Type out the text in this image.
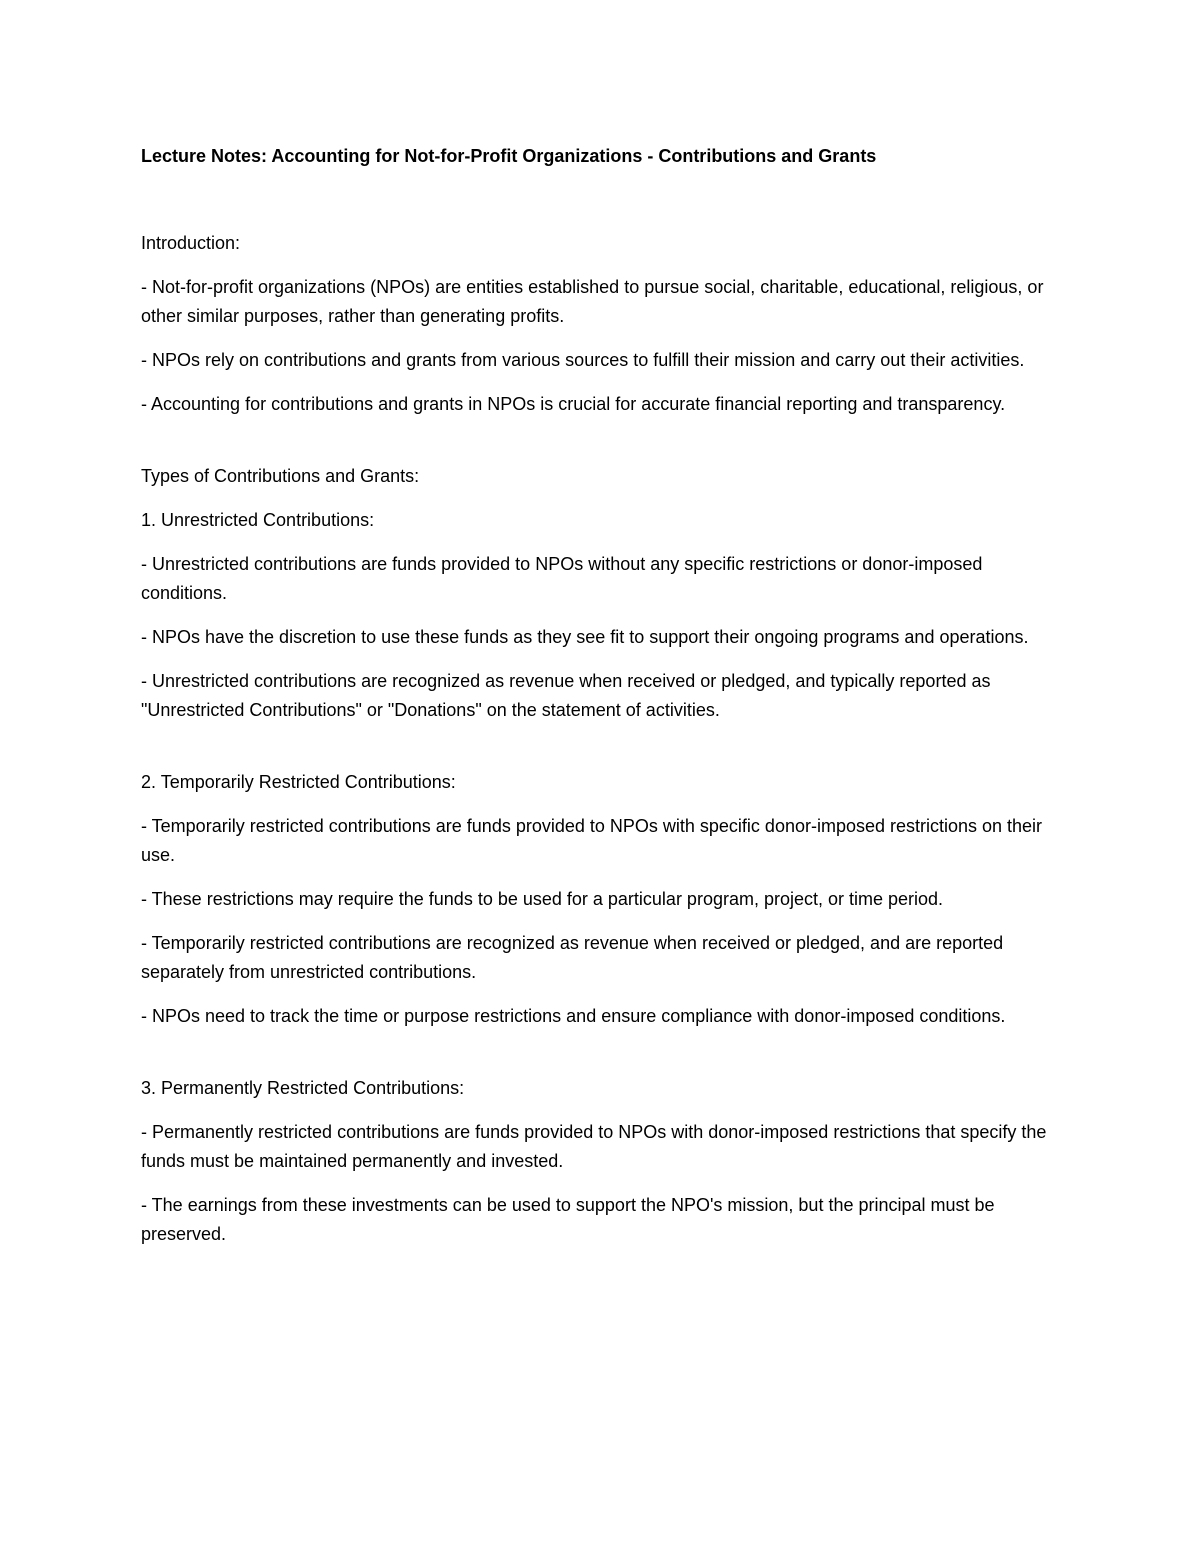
Lecture Notes: Accounting for Not-for-Profit Organizations - Contributions and Grants

Introduction:

- Not-for-profit organizations (NPOs) are entities established to pursue social, charitable, educational, religious, or other similar purposes, rather than generating profits.

- NPOs rely on contributions and grants from various sources to fulfill their mission and carry out their activities.

- Accounting for contributions and grants in NPOs is crucial for accurate financial reporting and transparency.

Types of Contributions and Grants:

1. Unrestricted Contributions:

- Unrestricted contributions are funds provided to NPOs without any specific restrictions or donor-imposed conditions.

- NPOs have the discretion to use these funds as they see fit to support their ongoing programs and operations.

- Unrestricted contributions are recognized as revenue when received or pledged, and typically reported as "Unrestricted Contributions" or "Donations" on the statement of activities.

2. Temporarily Restricted Contributions:

- Temporarily restricted contributions are funds provided to NPOs with specific donor-imposed restrictions on their use.

- These restrictions may require the funds to be used for a particular program, project, or time period.

- Temporarily restricted contributions are recognized as revenue when received or pledged, and are reported separately from unrestricted contributions.

- NPOs need to track the time or purpose restrictions and ensure compliance with donor-imposed conditions.

3. Permanently Restricted Contributions:

- Permanently restricted contributions are funds provided to NPOs with donor-imposed restrictions that specify the funds must be maintained permanently and invested.

- The earnings from these investments can be used to support the NPO's mission, but the principal must be preserved.
